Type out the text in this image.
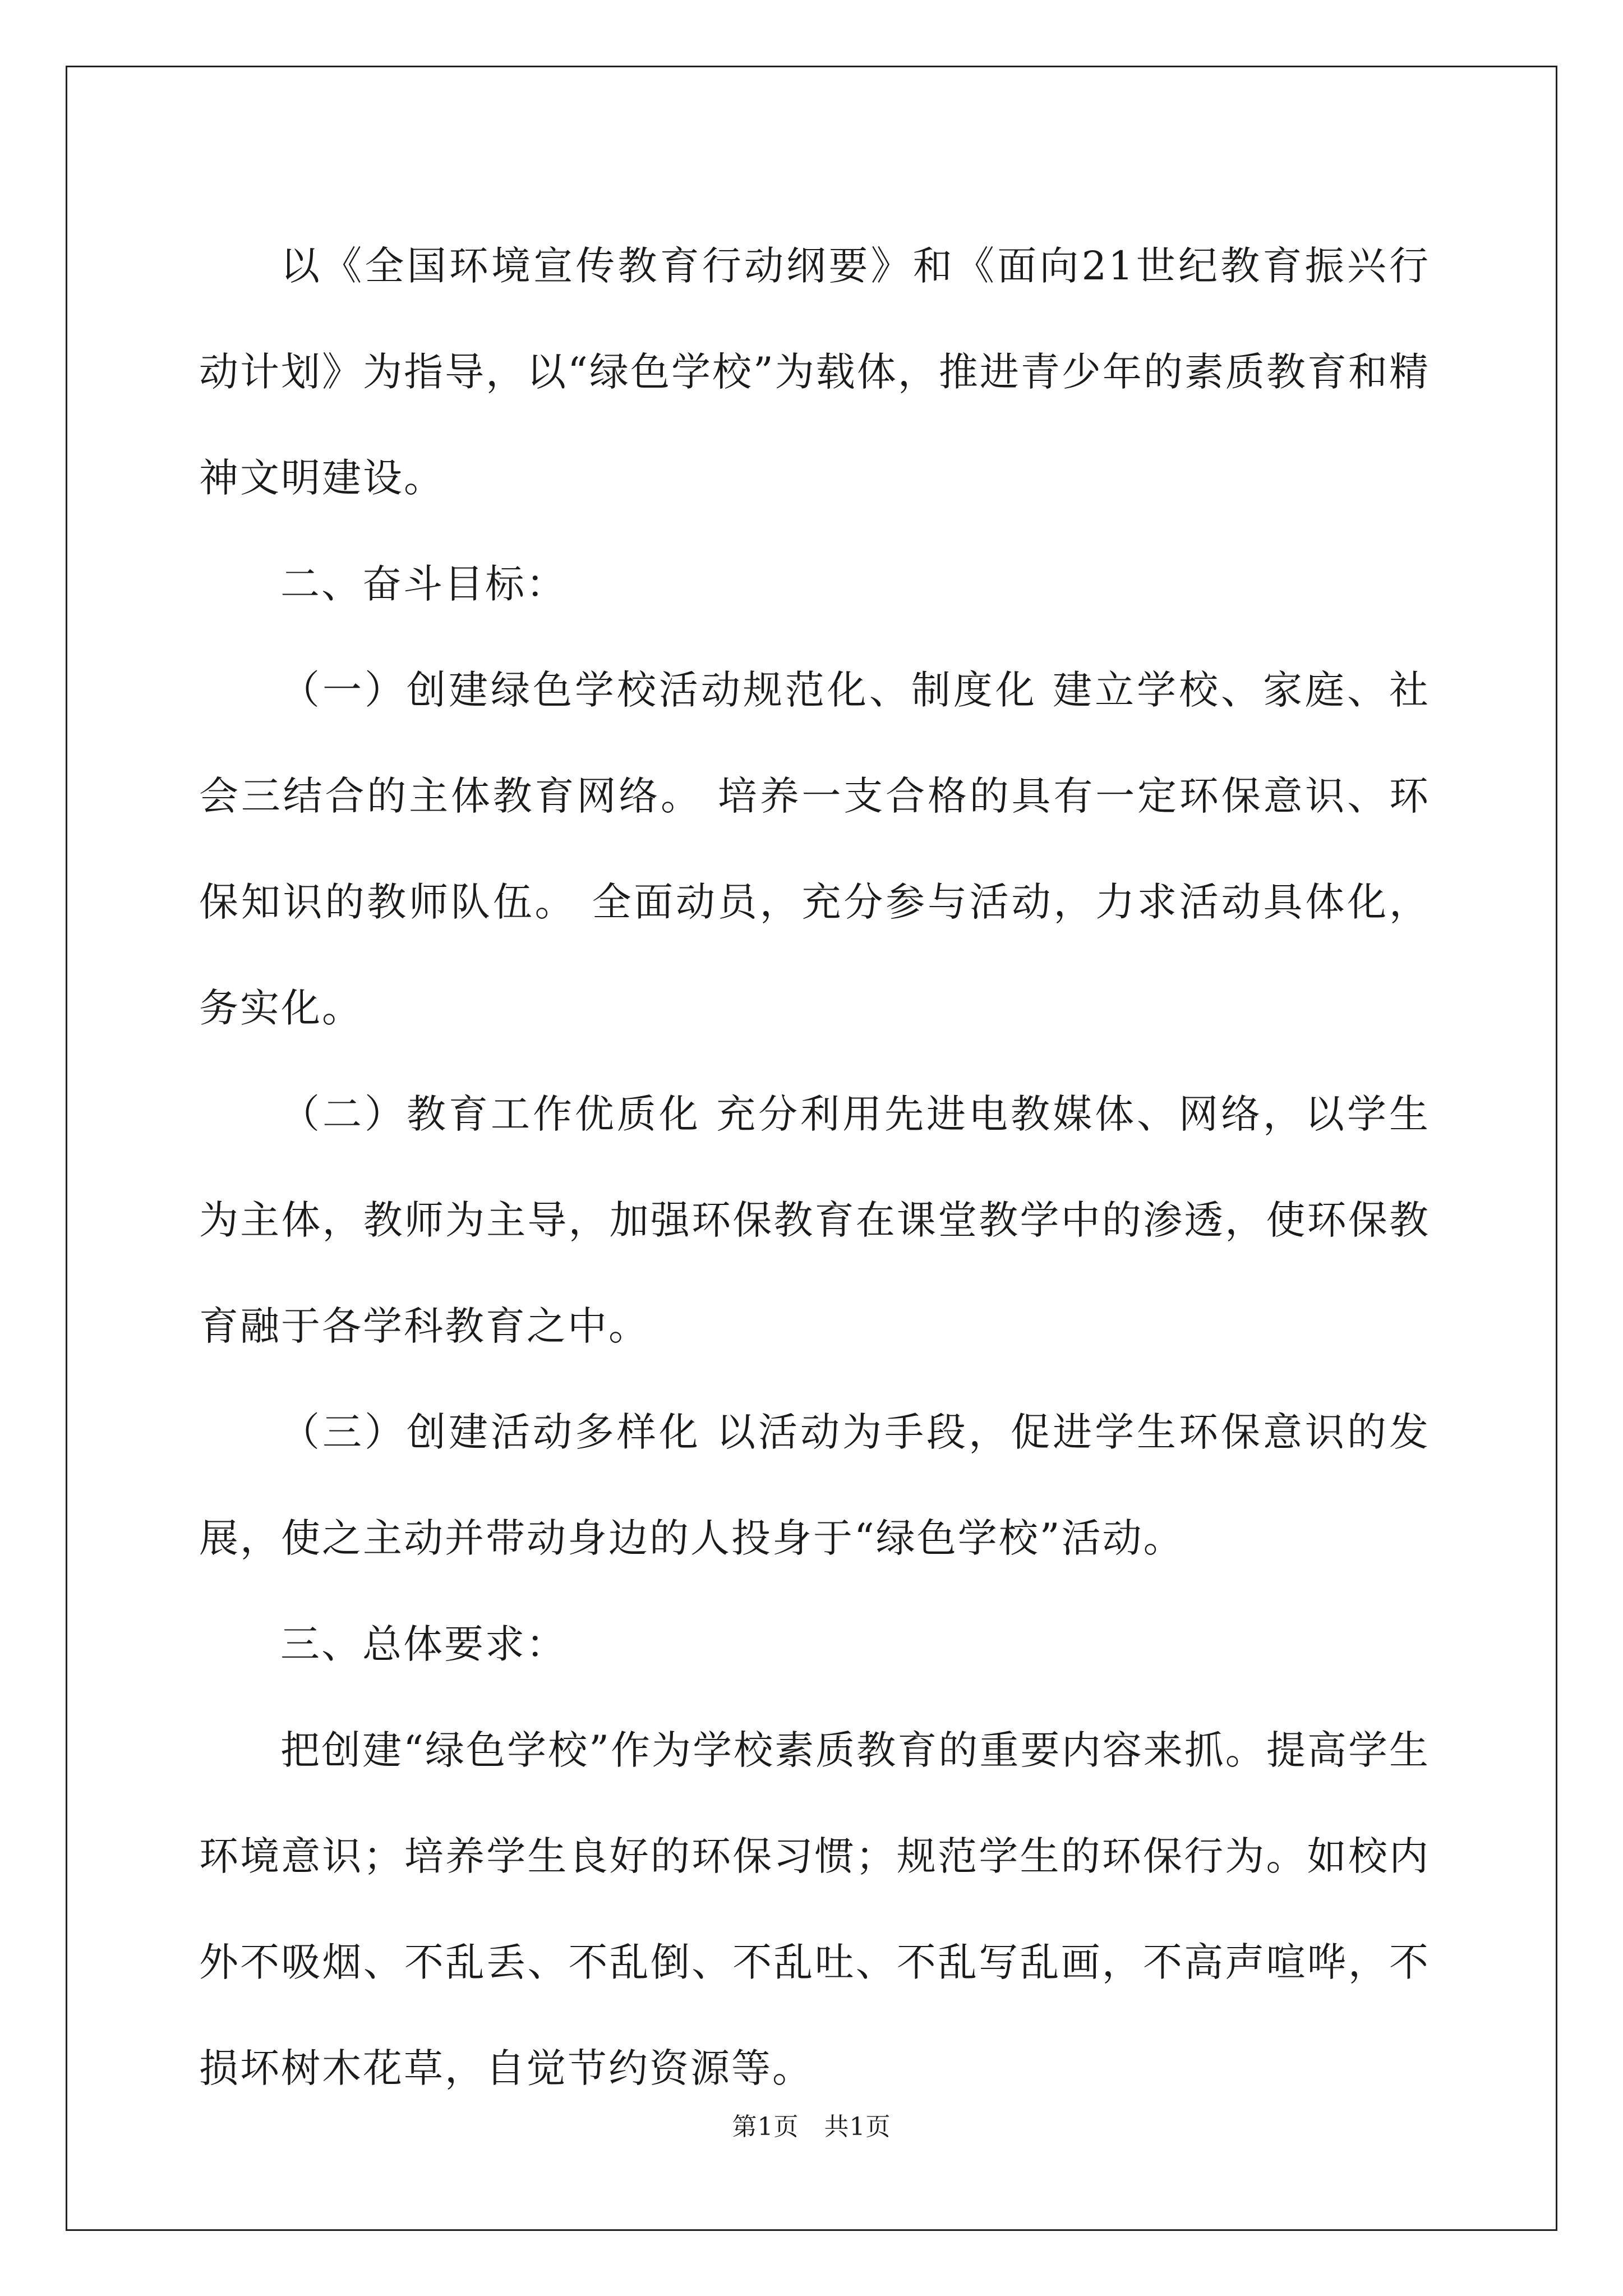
以《全国环境宣传教育行动纲要》和《面向21世纪教育振兴行动计划》为指导，以“绿色学校”为载体，推进青少年的素质教育和精神文明建设。

二、奋斗目标：

（一）创建绿色学校活动规范化、制度化 建立学校、家庭、社会三结合的主体教育网络。 培养一支合格的具有一定环保意识、环保知识的教师队伍。 全面动员，充分参与活动，力求活动具体化，务实化。

（二）教育工作优质化 充分利用先进电教媒体、网络，以学生为主体，教师为主导，加强环保教育在课堂教学中的渗透，使环保教育融于各学科教育之中。

（三）创建活动多样化 以活动为手段，促进学生环保意识的发展，使之主动并带动身边的人投身于“绿色学校”活动。

三、总体要求：

把创建“绿色学校”作为学校素质教育的重要内容来抓。提高学生环境意识；培养学生良好的环保习惯；规范学生的环保行为。如校内外不吸烟、不乱丢、不乱倒、不乱吐、不乱写乱画，不高声喧哗，不损坏树木花草，自觉节约资源等。

第1页 共1页
